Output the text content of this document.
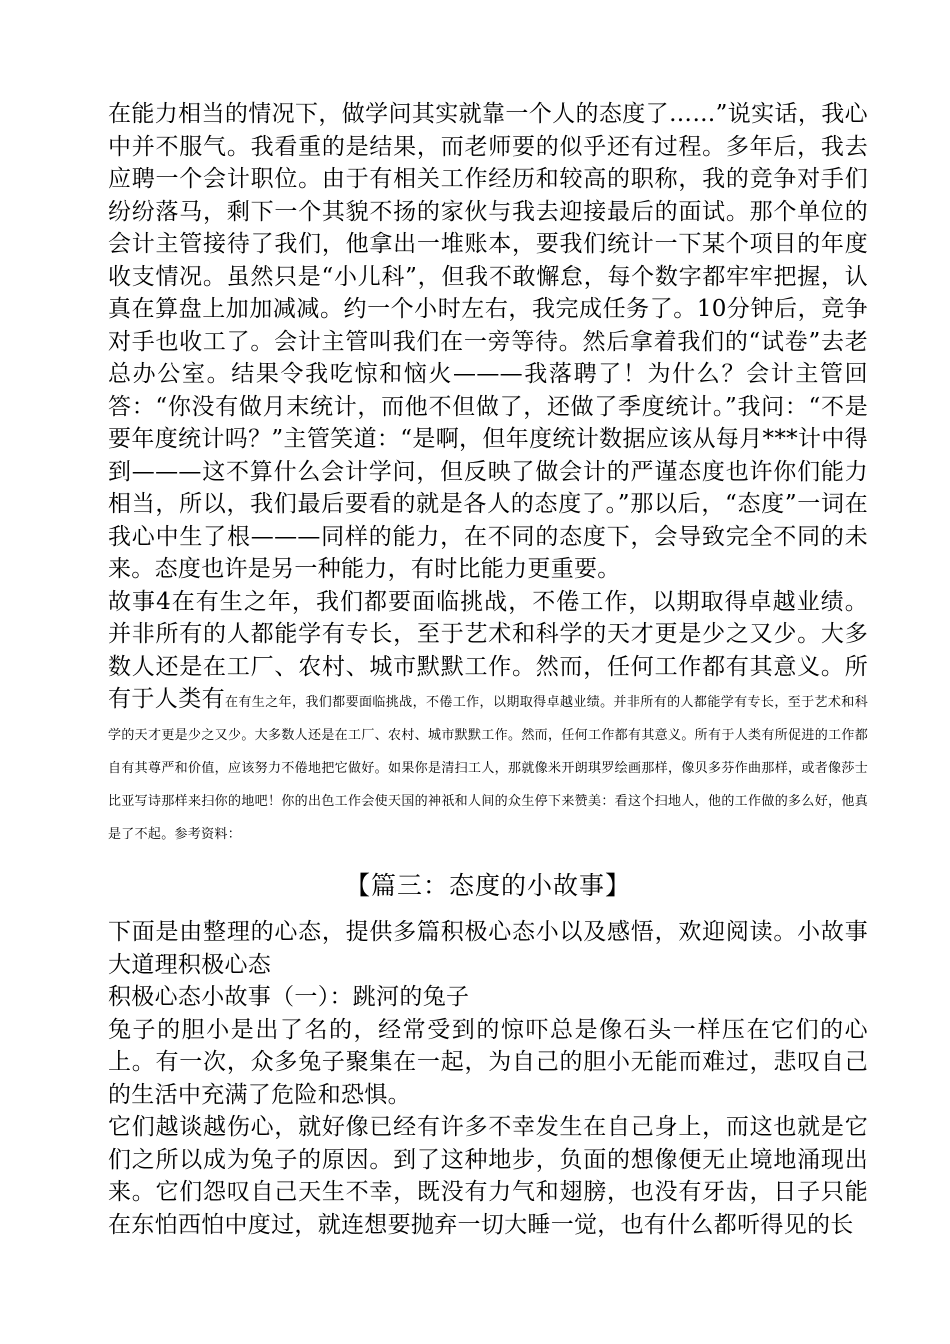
在能力相当的情况下，做学问其实就靠一个人的态度了……”说实话，我心中并不服气。我看重的是结果，而老师要的似乎还有过程。多年后，我去应聘一个会计职位。由于有相关工作经历和较高的职称，我的竞争对手们纷纷落马，剩下一个其貌不扬的家伙与我去迎接最后的面试。那个单位的会计主管接待了我们，他拿出一堆账本，要我们统计一下某个项目的年度收支情况。虽然只是“小儿科”，但我不敢懈怠，每个数字都牢牢把握，认真在算盘上加加减减。约一个小时左右，我完成任务了。10分钟后，竞争对手也收工了。会计主管叫我们在一旁等待。然后拿着我们的“试卷”去老总办公室。结果令我吃惊和恼火———我落聘了！为什么？会计主管回答：“你没有做月末统计，而他不但做了，还做了季度统计。”我问：“不是要年度统计吗？”主管笑道：“是啊，但年度统计数据应该从每月***计中得到———这不算什么会计学问，但反映了做会计的严谨态度也许你们能力相当，所以，我们最后要看的就是各人的态度了。”那以后，“态度”一词在我心中生了根———同样的能力，在不同的态度下，会导致完全不同的未来。态度也许是另一种能力，有时比能力更重要。

故事4在有生之年，我们都要面临挑战，不倦工作，以期取得卓越业绩。并非所有的人都能学有专长，至于艺术和科学的天才更是少之又少。大多数人还是在工厂、农村、城市默默工作。然而，任何工作都有其意义。所有于人类有在有生之年，我们都要面临挑战，不倦工作，以期取得卓越业绩。并非所有的人都能学有专长，至于艺术和科学的天才更是少之又少。大多数人还是在工厂、农村、城市默默工作。然而，任何工作都有其意义。所有于人类有所促进的工作都自有其尊严和价值，应该努力不倦地把它做好。如果你是清扫工人，那就像米开朗琪罗绘画那样，像贝多芬作曲那样，或者像莎士比亚写诗那样来扫你的地吧！你的出色工作会使天国的神祇和人间的众生停下来赞美：看这个扫地人，他的工作做的多么好，他真是了不起。参考资料：

【篇三：态度的小故事】

下面是由整理的心态，提供多篇积极心态小以及感悟，欢迎阅读。小故事大道理积极心态

积极心态小故事（一）：跳河的兔子

兔子的胆小是出了名的，经常受到的惊吓总是像石头一样压在它们的心上。有一次，众多兔子聚集在一起，为自己的胆小无能而难过，悲叹自己的生活中充满了危险和恐惧。

它们越谈越伤心，就好像已经有许多不幸发生在自己身上，而这也就是它们之所以成为兔子的原因。到了这种地步，负面的想像便无止境地涌现出来。它们怨叹自己天生不幸，既没有力气和翅膀，也没有牙齿，日子只能在东怕西怕中度过，就连想要抛弃一切大睡一觉，也有什么都听得见的长
